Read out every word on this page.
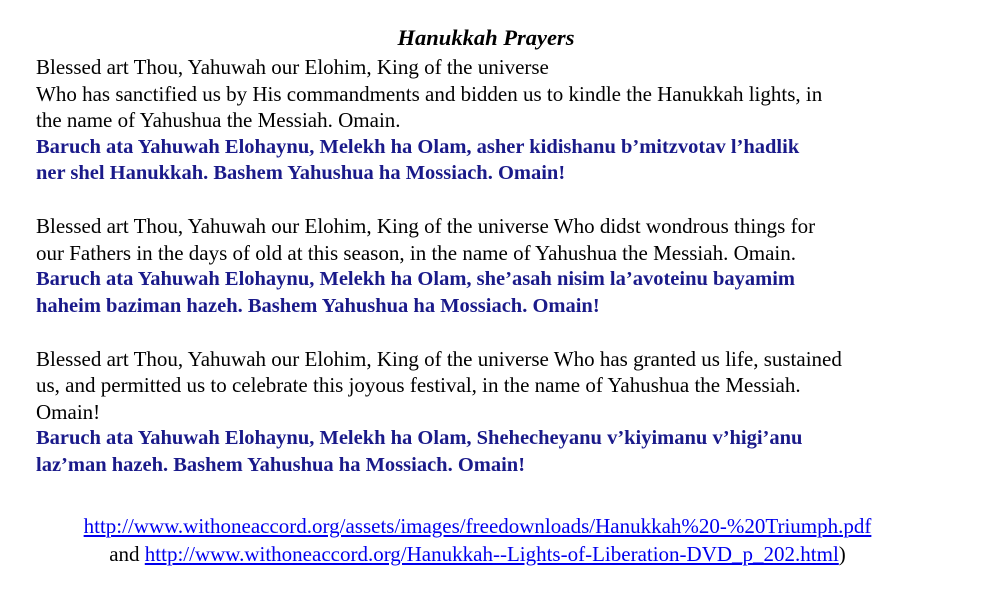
Hanukkah Prayers

Blessed art Thou, Yahuwah our Elohim, King of the universe
Who has sanctified us by His commandments and bidden us to kindle the Hanukkah lights, in
the name of Yahushua the Messiah. Omain.

Baruch ata Yahuwah Elohaynu, Melekh ha Olam, asher kidishanu b’mitzvotav l’hadlik
ner shel Hanukkah. Bashem Yahushua ha Mossiach. Omain!

Blessed art Thou, Yahuwah our Elohim, King of the universe Who didst wondrous things for
our Fathers in the days of old at this season, in the name of Yahushua the Messiah. Omain.

Baruch ata Yahuwah Elohaynu, Melekh ha Olam, she’asah nisim la’avoteinu bayamim
haheim baziman hazeh. Bashem Yahushua ha Mossiach. Omain!

Blessed art Thou, Yahuwah our Elohim, King of the universe Who has granted us life, sustained
us, and permitted us to celebrate this joyous festival, in the name of Yahushua the Messiah.
Omain!

Baruch ata Yahuwah Elohaynu, Melekh ha Olam, Shehecheyanu v’kiyimanu v’higi’anu
laz’man hazeh. Bashem Yahushua ha Mossiach. Omain!

http://www.withoneaccord.org/assets/images/freedownloads/Hanukkah%20-%20Triumph.pdf
and http://www.withoneaccord.org/Hanukkah--Lights-of-Liberation-DVD_p_202.html)
